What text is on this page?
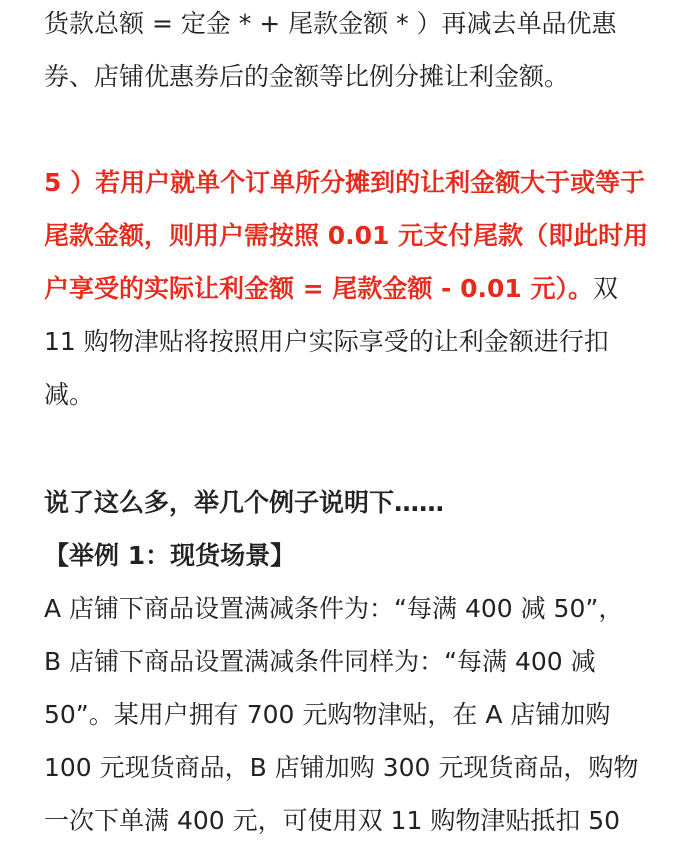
货款总额 = 定金 * + 尾款金额 * ）再减去单品优惠
券、店铺优惠券后的金额等比例分摊让利金额。
5 ）若用户就单个订单所分摊到的让利金额大于或等于
尾款金额，则用户需按照 0.01 元支付尾款（即此时用
户享受的实际让利金额 = 尾款金额 - 0.01 元）。双
11 购物津贴将按照用户实际享受的让利金额进行扣
减。
说了这么多，举几个例子说明下……
【举例 1：现货场景】
A 店铺下商品设置满减条件为：“每满 400 减 50”，
B 店铺下商品设置满减条件同样为：“每满 400 减
50”。某用户拥有 700 元购物津贴，在 A 店铺加购
100 元现货商品，B 店铺加购 300 元现货商品，购物
一次下单满 400 元，可使用双 11 购物津贴抵扣 50
